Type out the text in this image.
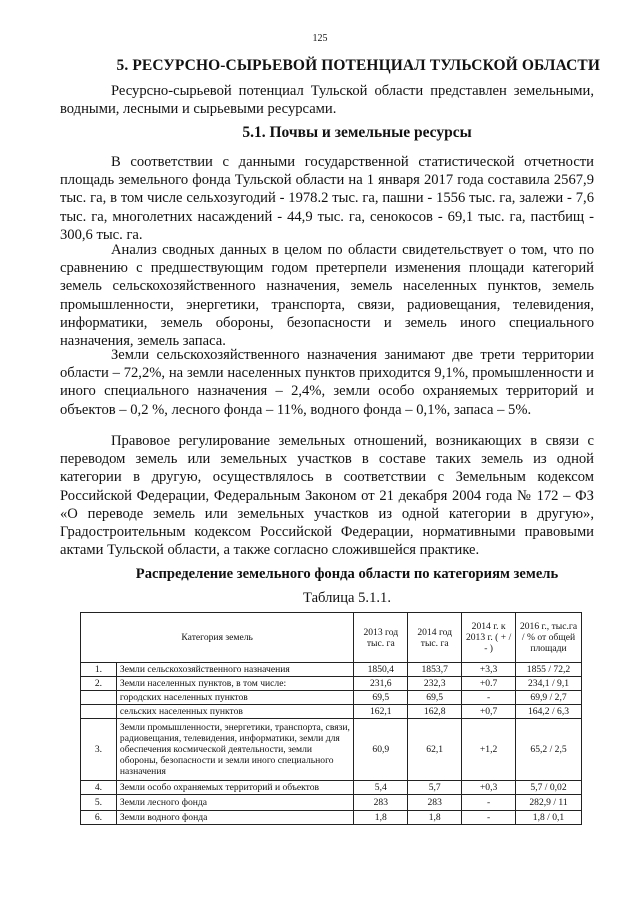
125
5. РЕСУРСНО-СЫРЬЕВОЙ ПОТЕНЦИАЛ ТУЛЬСКОЙ ОБЛАСТИ

Ресурсно-сырьевой потенциал Тульской области представлен земельными, водными, лесными и сырьевыми ресурсами.

5.1. Почвы и земельные ресурсы

В соответствии с данными государственной статистической отчетности площадь земельного фонда Тульской области на 1 января 2017 года составила 2567,9 тыс. га, в том числе сельхозугодий - 1978.2 тыс. га, пашни - 1556 тыс. га, залежи - 7,6 тыс. га, многолетних насаждений - 44,9 тыс. га, сенокосов - 69,1 тыс. га, пастбищ - 300,6 тыс. га.

Анализ сводных данных в целом по области свидетельствует о том, что по сравнению с предшествующим годом претерпели изменения площади категорий земель сельскохозяйственного назначения, земель населенных пунктов, земель промышленности, энергетики, транспорта, связи, радиовещания, телевидения, информатики, земель обороны, безопасности и земель иного специального назначения, земель запаса.

Земли сельскохозяйственного назначения занимают две трети территории области – 72,2%, на земли населенных пунктов приходится 9,1%, промышленности и иного специального назначения – 2,4%, земли особо охраняемых территорий и объектов – 0,2 %, лесного фонда – 11%, водного фонда – 0,1%, запаса – 5%.

Правовое регулирование земельных отношений, возникающих в связи с переводом земель или земельных участков в составе таких земель из одной категории в другую, осуществлялось в соответствии с Земельным кодексом Российской Федерации, Федеральным Законом от 21 декабря 2004 года № 172 – ФЗ «О переводе земель или земельных участков из одной категории в другую», Градостроительным кодексом Российской Федерации, нормативными правовыми актами Тульской области, а также согласно сложившейся практике.

Распределение земельного фонда области по категориям земель
Таблица 5.1.1.
Категория земель		2013 год тыс. га	2014 год тыс. га	2014 г. к 2013 г. ( + / - )	2016 г., тыс.га / % от общей площади
1.	Земли сельскохозяйственного назначения	1850,4	1853,7	+3,3	1855 / 72,2
2.	Земли населенных пунктов, в том числе:	231,6	232,3	+0.7	234,1 / 9,1
	городских населенных пунктов	69,5	69,5	-	69,9 / 2,7
	сельских населенных пунктов	162,1	162,8	+0,7	164,2 / 6,3
3.	Земли промышленности, энергетики, транспорта, связи, радиовещания, телевидения, информатики, земли для обеспечения космической деятельности, земли обороны, безопасности и земли иного специального назначения	60,9	62,1	+1,2	65,2 / 2,5
4.	Земли особо охраняемых территорий и объектов	5,4	5,7	+0,3	5,7 / 0,02
5.	Земли лесного фонда	283	283	-	282,9 / 11
6.	Земли водного фонда	1,8	1,8	-	1,8 / 0,1
